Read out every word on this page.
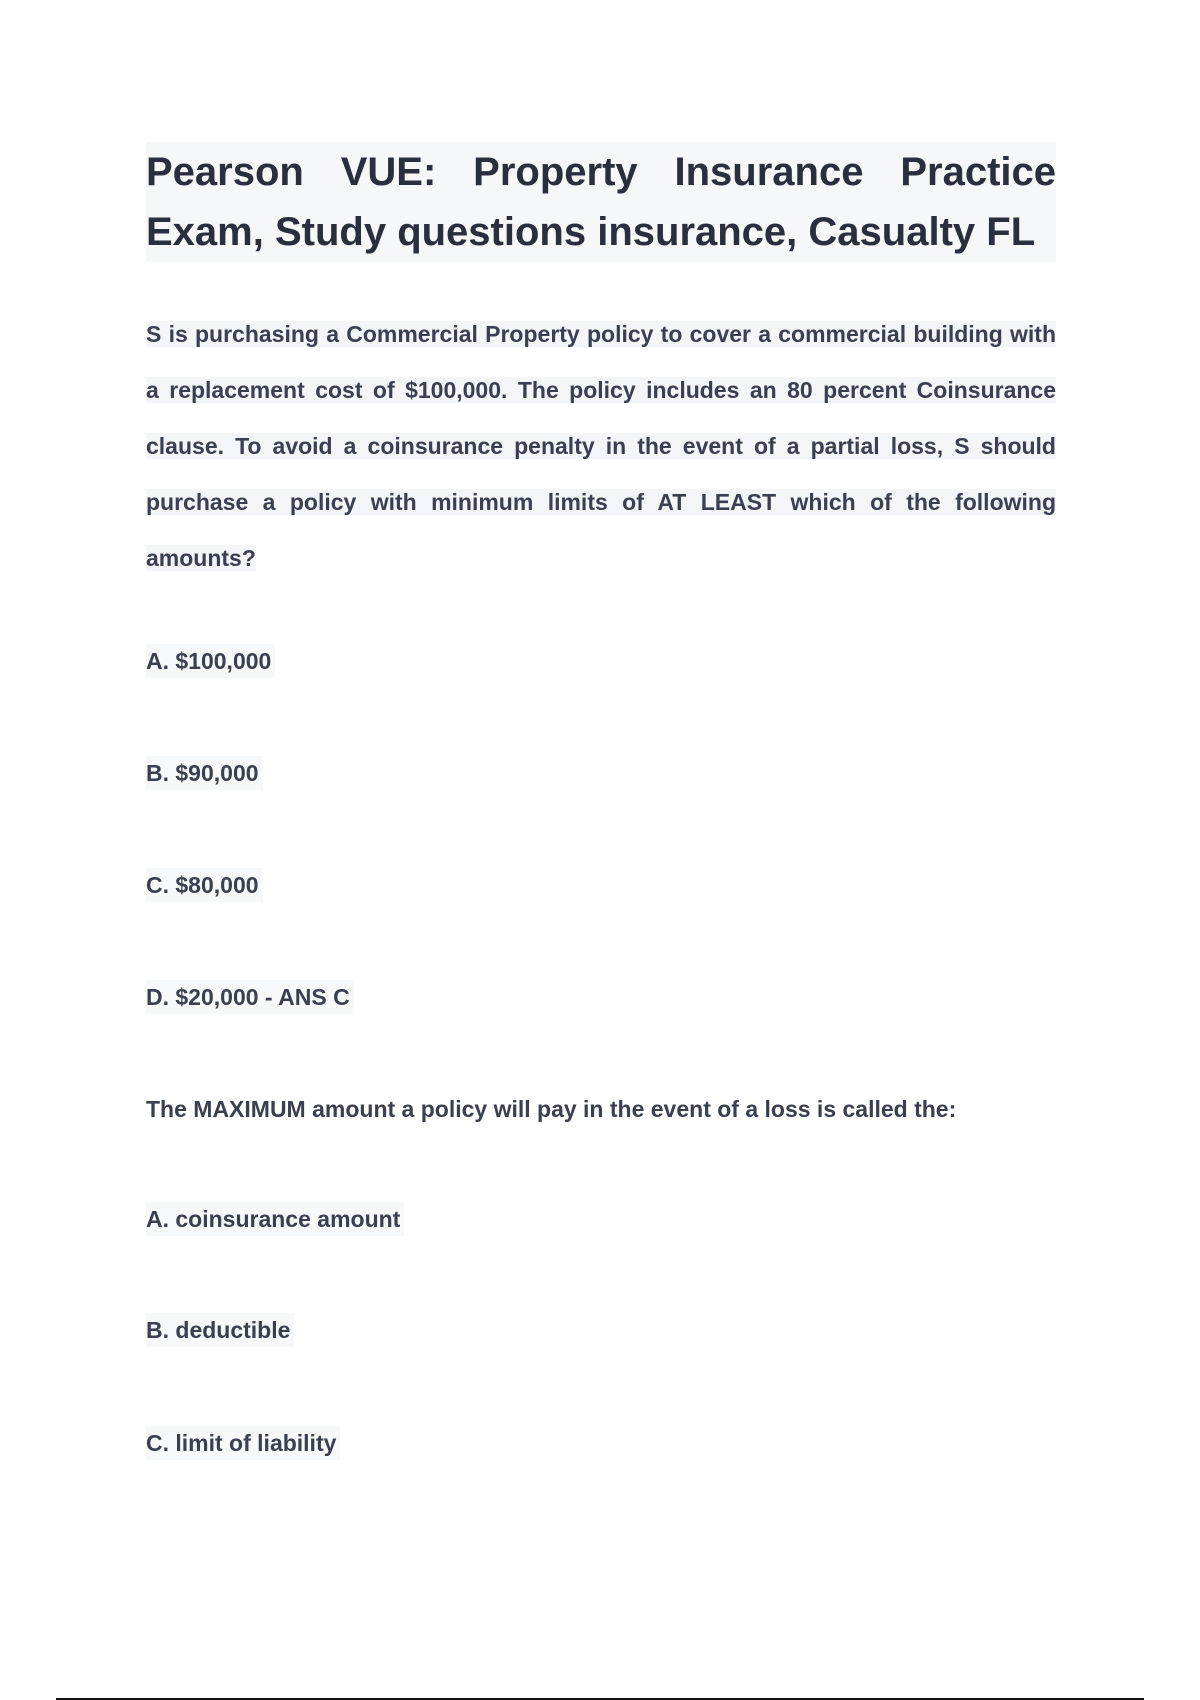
Pearson VUE: Property Insurance Practice Exam, Study questions insurance, Casualty FL

S is purchasing a Commercial Property policy to cover a commercial building with a replacement cost of $100,000. The policy includes an 80 percent Coinsurance clause. To avoid a coinsurance penalty in the event of a partial loss, S should purchase a policy with minimum limits of AT LEAST which of the following amounts?

A. $100,000

B. $90,000

C. $80,000

D. $20,000 - ANS C

The MAXIMUM amount a policy will pay in the event of a loss is called the:

A. coinsurance amount

B. deductible

C. limit of liability
